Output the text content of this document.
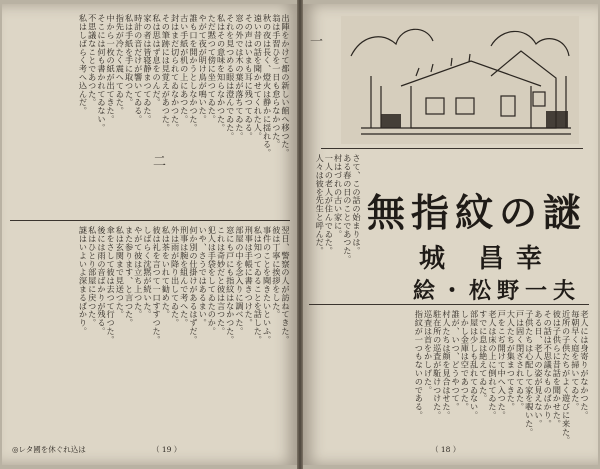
出陣をかけて都の新しい館へ移つた。
翁は手習ひを一日も怠らなかつた。
秋の夜は長く、燈火は静かに揺れる。
遠い昔の話を聞かせてくれた人。
その声はいまも耳に残つてゐる。
窓の外では木の葉が落ちてゐた。
それを見つめる眼は澄んでゐた。
私はその意味を知らなかつた。
ただ黙つて傍に坐つてゐた。
やがて夜が明け鳥が鳴いた。
誰も口を開かうとしなかつた。
古い手紙が机の上にあつた。
封はまだ切られてゐなかつた。
その筆跡には見覚えがあつた。
私は思はず息をのんだ。
家の者は皆寝静まつてゐた。
時計の音だけが響いてゐる。
私は手紙を手に取つた。
指先が冷たく震へてゐた。
中から一枚の紙が出てきた。
そこには何も書かれてゐない。
不思議なことであつた。
私はしばらく考へ込んだ。
二
翌日、警察の人が訪ねてきた。
彼は丁寧に挨拶をした。
事件のことを聞きたいといふ。
私は知つてゐることを話した。
刑事は手帳に書きつけた。
部屋の中を念入りに調べた。
窓にも戸にも指紋はなかつた。
これは奇妙だと彼は言つた。
犯人は手袋をしてゐたのか。
いや、さうではあるまい。
何か別の仕掛けがあるはずだ。
刑事は腕を組んで考へた。
外は雨が降り出してゐた。
私は茶をいれて勧めた。
彼は礼を言つて一口すすつた。
しばらく沈黙が続いた。
やがて彼は立ち上つた。
また参ります、と言つた。
私は玄関まで見送つた。
傘をさして彼は去つて行つた。
後には雨の音ばかりが残る。
私はひとり部屋に戻つた。
謎はいよいよ深まるばかり。
◎レタ國を休ぐれ込は	（ 19 ）
一
さて、この話の始まりは。
ある春の日のことであつた。
村はづれの古い家に。
一人の老人が住んでゐた。
人々は彼を先生と呼んだ。 無指紋の謎
城 昌幸
絵・松野一夫
老人には身寄りがなかつた。
毎朝早く庭を掃いてゐた。
近所の子供たちがよく遊びに来た。
彼は子供らに昔話を聞かせた。
その話は不思議なものばかり。
ある日、老人の姿が見えない。
子供たちは心配して家を覗いた。
戸は固く閉ざされてゐた。
大人たちが集まつてきた。
戸をこぢ開けて中へ入つた。
老人は床の上に倒れてゐた。
すでに息は絶えてゐた。
部屋は少しも乱れてゐない。
しかし金庫は空であつた。
誰が、いつ、どうやつて。
村人たちは顔を見合はせた。
駐在所の巡査が駈けつけた。
巡査は首をかしげた。
指紋が一つもないのである。
（ 18 ）
